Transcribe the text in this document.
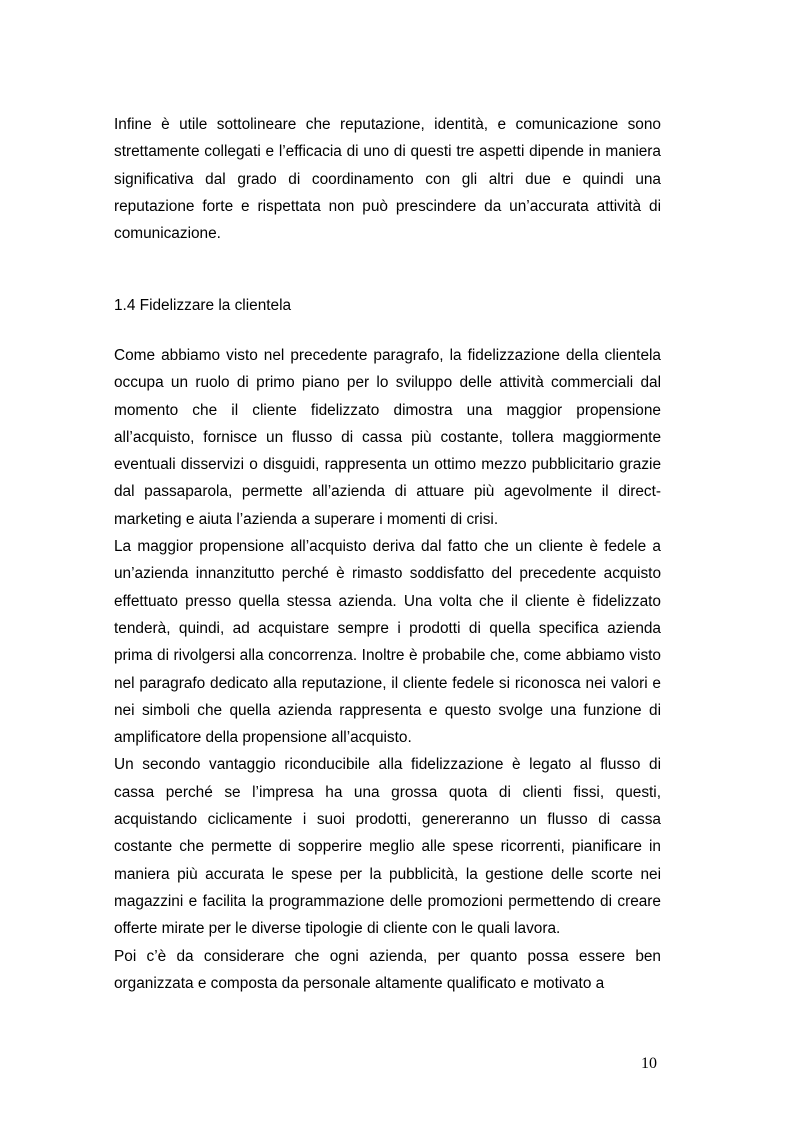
Infine è utile sottolineare che reputazione, identità, e comunicazione sono strettamente collegati e l’efficacia di uno di questi tre aspetti dipende in maniera significativa dal grado di coordinamento con gli altri due e quindi una reputazione forte e rispettata non può prescindere da un’accurata attività di comunicazione.

1.4 Fidelizzare la clientela

Come abbiamo visto nel precedente paragrafo, la fidelizzazione della clientela occupa un ruolo di primo piano per lo sviluppo delle attività commerciali dal momento che il cliente fidelizzato dimostra una maggior propensione all’acquisto, fornisce un flusso di cassa più costante, tollera maggiormente eventuali disservizi o disguidi, rappresenta un ottimo mezzo pubblicitario grazie dal passaparola, permette all’azienda di attuare più agevolmente il direct-marketing e aiuta l’azienda a superare i momenti di crisi.

La maggior propensione all’acquisto deriva dal fatto che un cliente è fedele a un’azienda innanzitutto perché è rimasto soddisfatto del precedente acquisto effettuato presso quella stessa azienda. Una volta che il cliente è fidelizzato tenderà, quindi, ad acquistare sempre i prodotti di quella specifica azienda prima di rivolgersi alla concorrenza. Inoltre è probabile che, come abbiamo visto nel paragrafo dedicato alla reputazione, il cliente fedele si riconosca nei valori e nei simboli che quella azienda rappresenta e questo svolge una funzione di amplificatore della propensione all’acquisto.

Un secondo vantaggio riconducibile alla fidelizzazione è legato al flusso di cassa perché se l’impresa ha una grossa quota di clienti fissi, questi, acquistando ciclicamente i suoi prodotti, genereranno un flusso di cassa costante che permette di sopperire meglio alle spese ricorrenti, pianificare in maniera più accurata le spese per la pubblicità, la gestione delle scorte nei magazzini e facilita la programmazione delle promozioni permettendo di creare offerte mirate per le diverse tipologie di cliente con le quali lavora.

Poi c’è da considerare che ogni azienda, per quanto possa essere ben organizzata e composta da personale altamente qualificato e motivato a

10
